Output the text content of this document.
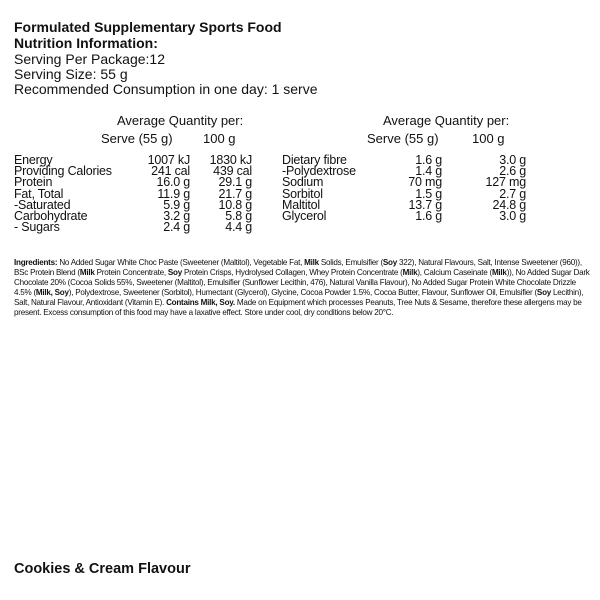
Formulated Supplementary Sports Food
Nutrition Information:
Serving Per Package:12
Serving Size: 55 g
Recommended Consumption in one day: 1 serve
Average Quantity per:
Serve (55 g) 100 g
Energy	1007 kJ	1830 kJ
Providing Calories	241 cal	439 cal
Protein	16.0 g	29.1 g
Fat, Total	11.9 g	21.7 g
-Saturated	5.9 g	10.8 g
Carbohydrate	3.2 g	5.8 g
- Sugars	2.4 g	4.4 g
Average Quantity per:
Serve (55 g)	100 g
Dietary fibre	1.6 g	3.0 g
-Polydextrose	1.4 g	2.6 g
Sodium	70 mg	127 mg
Sorbitol	1.5 g	2.7 g
Maltitol	13.7 g	24.8 g
Glycerol	1.6 g	3.0 g
Ingredients: No Added Sugar White Choc Paste (Sweetener (Maltitol), Vegetable Fat, Milk Solids, Emulsifier (Soy 322), Natural Flavours, Salt, Intense Sweetener (960)), BSc Protein Blend (Milk Protein Concentrate, Soy Protein Crisps, Hydrolysed Collagen, Whey Protein Concentrate (Milk), Calcium Caseinate (Milk)), No Added Sugar Dark Chocolate 20% (Cocoa Solids 55%, Sweetener (Maltitol), Emulsifier (Sunflower Lecithin, 476), Natural Vanilla Flavour), No Added Sugar Protein White Chocolate Drizzle 4.5% (Milk, Soy), Polydextrose, Sweetener (Sorbitol), Humectant (Glycerol), Glycine, Cocoa Powder 1.5%, Cocoa Butter, Flavour, Sunflower Oil, Emulsifier (Soy Lecithin), Salt, Natural Flavour, Antioxidant (Vitamin E). Contains Milk, Soy. Made on Equipment which processes Peanuts, Tree Nuts & Sesame, therefore these allergens may be present. Excess consumption of this food may have a laxative effect. Store under cool, dry conditions below 20°C.
Cookies & Cream Flavour
